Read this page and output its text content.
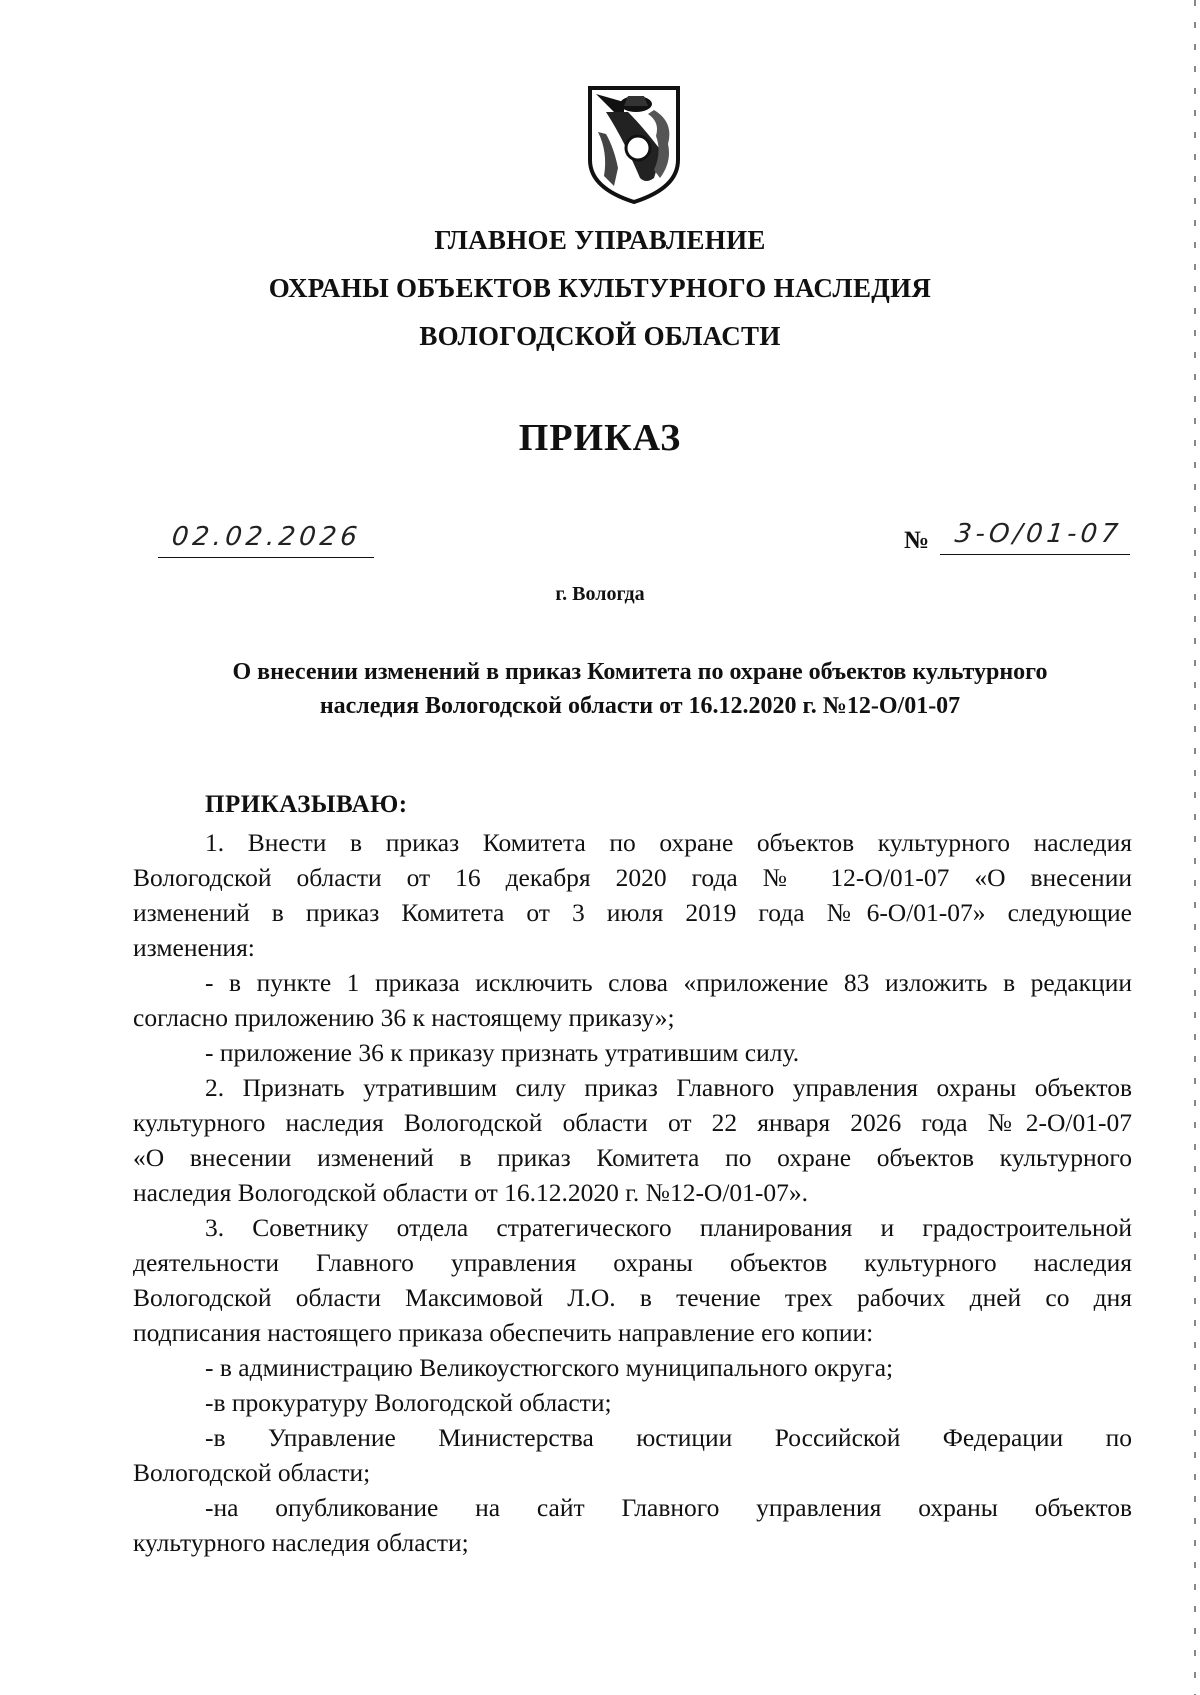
ГЛАВНОЕ УПРАВЛЕНИЕ
ОХРАНЫ ОБЪЕКТОВ КУЛЬТУРНОГО НАСЛЕДИЯ
ВОЛОГОДСКОЙ ОБЛАСТИ
ПРИКАЗ
02.02.2026	№ 3-О/01-07
г. Вологда
О внесении изменений в приказ Комитета по охране объектов культурного
наследия Вологодской области от 16.12.2020 г. №12-О/01-07
ПРИКАЗЫВАЮ:
1. Внести в приказ Комитета по охране объектов культурного наследия
Вологодской области от 16 декабря 2020 года № 12-О/01-07 «О внесении
изменений в приказ Комитета от 3 июля 2019 года №6-О/01-07» следующие
изменения:
- в пункте 1 приказа исключить слова «приложение 83 изложить в редакции
согласно приложению 36 к настоящему приказу»;
- приложение 36 к приказу признать утратившим силу.
2. Признать утратившим силу приказ Главного управления охраны объектов
культурного наследия Вологодской области от 22 января 2026 года №2-О/01-07
«О внесении изменений в приказ Комитета по охране объектов культурного
наследия Вологодской области от 16.12.2020 г. №12-О/01-07».
3. Советнику отдела стратегического планирования и градостроительной
деятельности Главного управления охраны объектов культурного наследия
Вологодской области Максимовой Л.О. в течение трех рабочих дней со дня
подписания настоящего приказа обеспечить направление его копии:
- в администрацию Великоустюгского муниципального округа;
-в прокуратуру Вологодской области;
-в Управление Министерства юстиции Российской Федерации по
Вологодской области;
-на опубликование на сайт Главного управления охраны объектов
культурного наследия области;
